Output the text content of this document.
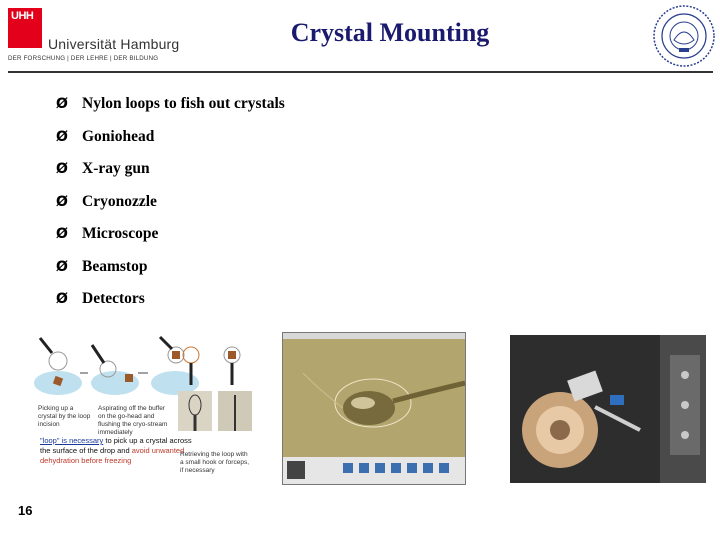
UHH
Universität Hamburg
DER FORSCHUNG | DER LEHRE | DER BILDUNG
Crystal Mounting
Ø Nylon loops to fish out crystals
Ø Goniohead
Ø X-ray gun
Ø Cryonozzle
Ø Microscope
Ø Beamstop
Ø Detectors
Picking up a crystal by the loop incision
Aspirating off the buffer on the go-head and flushing the cryo-stream immediately
"loop" is necessary to pick up a crystal across the surface of the drop and avoid unwanted dehydration before freezing
Retrieving the loop with a small hook or forceps, if necessary
16
